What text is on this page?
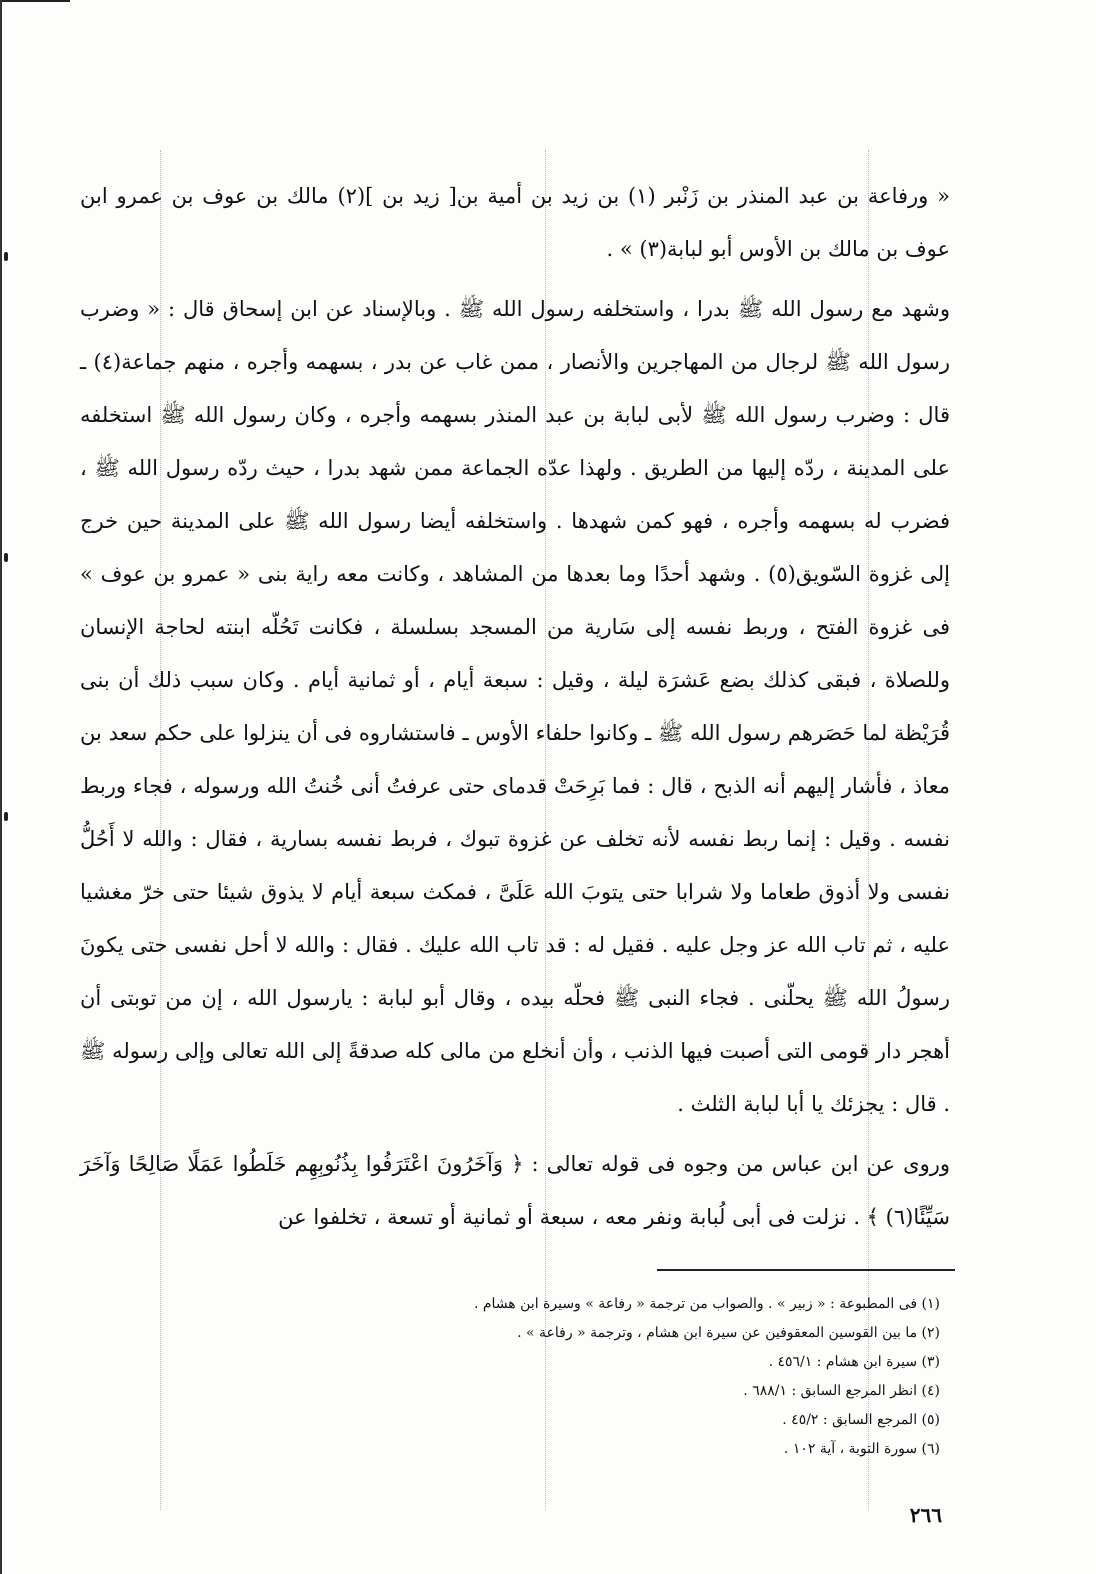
« ورفاعة بن عبد المنذر بن زَنْبر (١) بن زيد بن أمية بن[ زيد بن ](٢) مالك بن عوف بن عمرو ابن عوف بن مالك بن الأوس أبو لبابة(٣) » .

وشهد مع رسول الله ﷺ بدرا ، واستخلفه رسول الله ﷺ . وبالإسناد عن ابن إسحاق قال : « وضرب رسول الله ﷺ لرجال من المهاجرين والأنصار ، ممن غاب عن بدر ، بسهمه وأجره ، منهم جماعة(٤) ـ قال : وضرب رسول الله ﷺ لأبى لبابة بن عبد المنذر بسهمه وأجره ، وكان رسول الله ﷺ استخلفه على المدينة ، ردّه إليها من الطريق . ولهذا عدّه الجماعة ممن شهد بدرا ، حيث ردّه رسول الله ﷺ ، فضرب له بسهمه وأجره ، فهو كمن شهدها . واستخلفه أيضا رسول الله ﷺ على المدينة حين خرج إلى غزوة السّويق(٥) . وشهد أحدًا وما بعدها من المشاهد ، وكانت معه راية بنى « عمرو بن عوف » فى غزوة الفتح ، وربط نفسه إلى سَارية من المسجد بسلسلة ، فكانت تَحُلّه ابنته لحاجة الإنسان وللصلاة ، فبقى كذلك بضع عَشرَة ليلة ، وقيل : سبعة أيام ، أو ثمانية أيام . وكان سبب ذلك أن بنى قُرَيْظة لما حَصَرهم رسول الله ﷺ ـ وكانوا حلفاء الأوس ـ فاستشاروه فى أن ينزلوا على حكم سعد بن معاذ ، فأشار إليهم أنه الذبح ، قال : فما بَرِحَتْ قدماى حتى عرفتُ أنى خُنتُ الله ورسوله ، فجاء وربط نفسه . وقيل : إنما ربط نفسه لأنه تخلف عن غزوة تبوك ، فربط نفسه بسارية ، فقال : والله لا أَحُلُّ نفسى ولا أذوق طعاما ولا شرابا حتى يتوبَ الله عَلَىَّ ، فمكث سبعة أيام لا يذوق شيئا حتى خرّ مغشيا عليه ، ثم تاب الله عز وجل عليه . فقيل له : قد تاب الله عليك . فقال : والله لا أحل نفسى حتى يكونَ رسولُ الله ﷺ يحلّنى . فجاء النبى ﷺ فحلّه بيده ، وقال أبو لبابة : يارسول الله ، إن من توبتى أن أهجر دار قومى التى أصبت فيها الذنب ، وأن أنخلع من مالى كله صدقةً إلى الله تعالى وإلى رسوله ﷺ . قال : يجزئك يا أبا لبابة الثلث .

وروى عن ابن عباس من وجوه فى قوله تعالى : ﴿ وَآخَرُونَ اعْتَرَفُوا بِذُنُوبِهِم خَلَطُوا عَمَلًا صَالِحًا وَآخَرَ سَيِّئًا(٦) ﴾ . نزلت فى أبى لُبابة ونفر معه ، سبعة أو ثمانية أو تسعة ، تخلفوا عن

(١) فى المطبوعة : « زبير » . والصواب من ترجمة « رفاعة » وسيرة ابن هشام .

(٢) ما بين القوسين المعقوفين عن سيرة ابن هشام ، وترجمة « رفاعة » .

(٣) سيرة ابن هشام : ٤٥٦/١ .

(٤) انظر المرجع السابق : ٦٨٨/١ .

(٥) المرجع السابق : ٤٥/٢ .

(٦) سورة التوبة ، آية ١٠٢ .

٢٦٦
